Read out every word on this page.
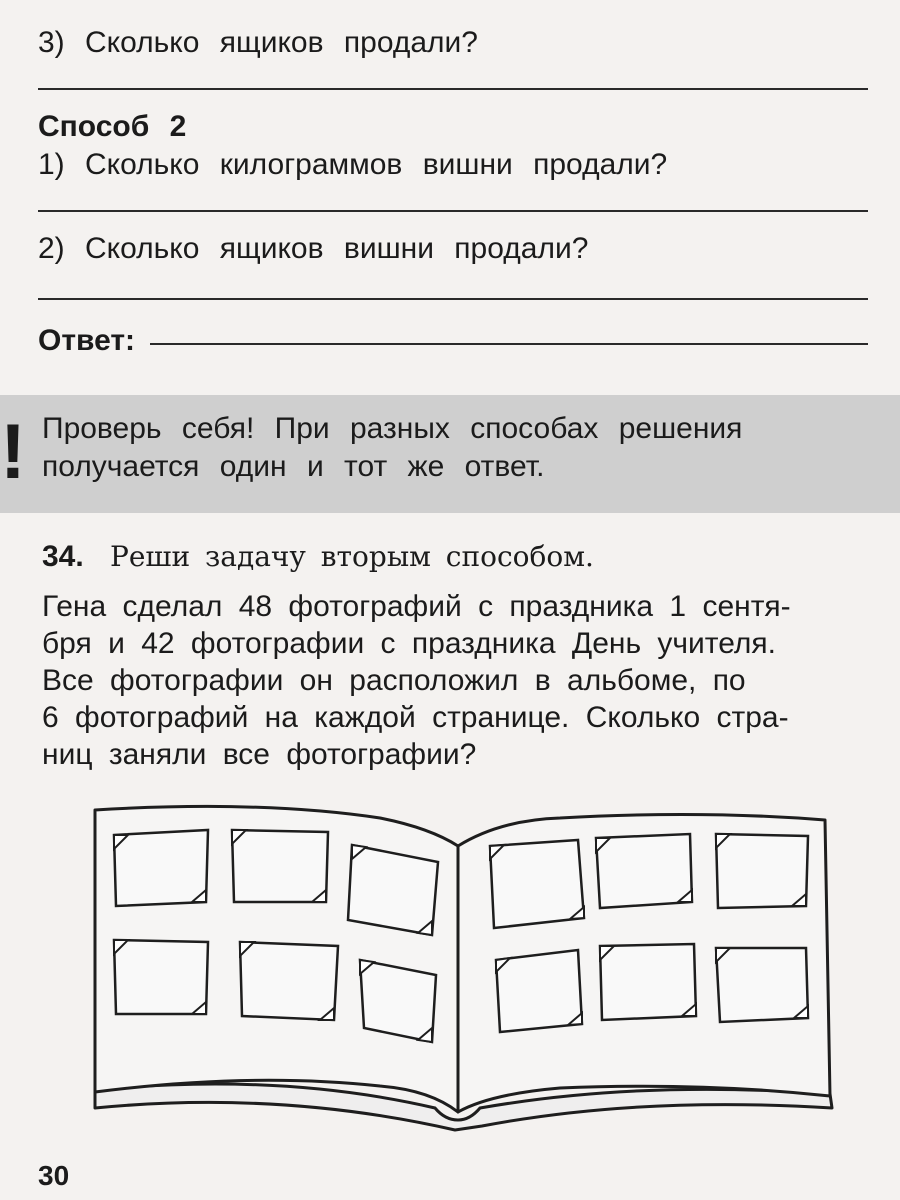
3) Сколько ящиков продали?
Способ 2
1) Сколько килограммов вишни продали?
2) Сколько ящиков вишни продали?
Ответ:
! Проверь себя! При разных способах решения
получается один и тот же ответ.
34. Реши задачу вторым способом.

Гена сделал 48 фотографий с праздника 1 сентя-

бря и 42 фотографии с праздника День учителя.

Все фотографии он расположил в альбоме, по

6 фотографий на каждой странице. Сколько стра-

ниц заняли все фотографии?

30
